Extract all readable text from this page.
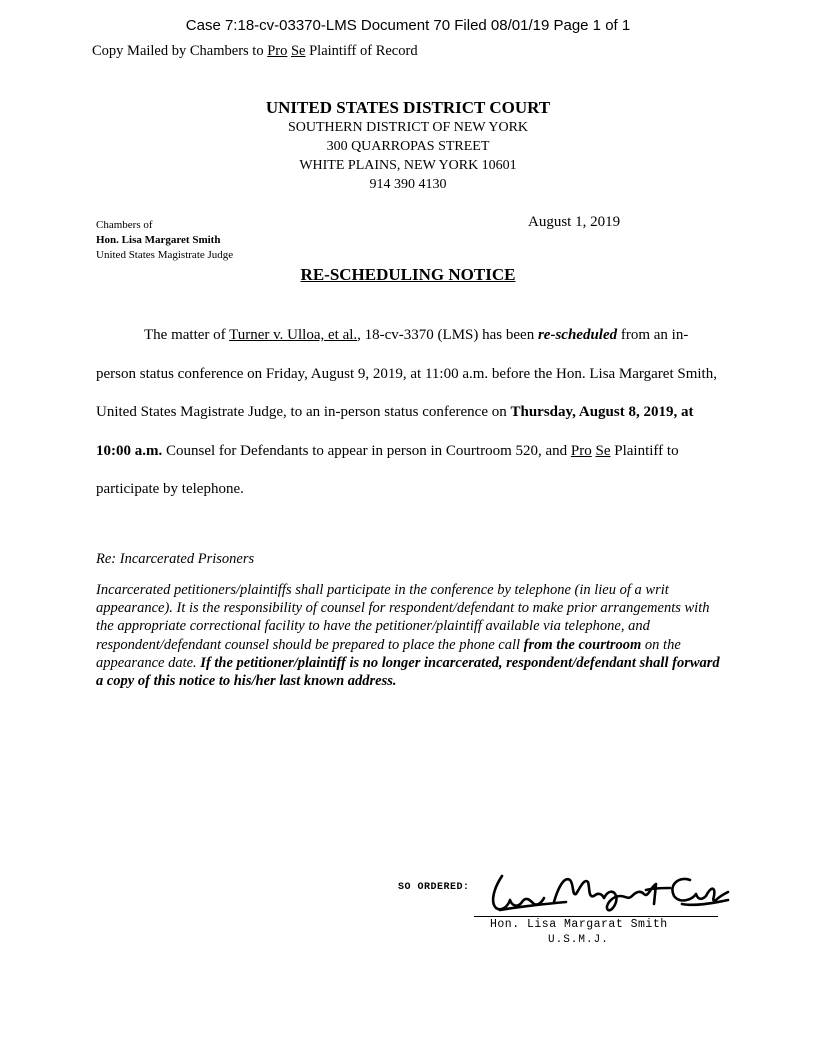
Case 7:18-cv-03370-LMS Document 70 Filed 08/01/19 Page 1 of 1
Copy Mailed by Chambers to Pro Se Plaintiff of Record
UNITED STATES DISTRICT COURT
SOUTHERN DISTRICT OF NEW YORK
300 QUARROPAS STREET
WHITE PLAINS, NEW YORK 10601
914 390 4130
Chambers of
Hon. Lisa Margaret Smith
United States Magistrate Judge
August 1, 2019
RE-SCHEDULING NOTICE
The matter of Turner v. Ulloa, et al., 18-cv-3370 (LMS) has been re-scheduled from an in-person status conference on Friday, August 9, 2019, at 11:00 a.m. before the Hon. Lisa Margaret Smith, United States Magistrate Judge, to an in-person status conference on Thursday, August 8, 2019, at 10:00 a.m. Counsel for Defendants to appear in person in Courtroom 520, and Pro Se Plaintiff to participate by telephone.
Re: Incarcerated Prisoners
Incarcerated petitioners/plaintiffs shall participate in the conference by telephone (in lieu of a writ appearance). It is the responsibility of counsel for respondent/defendant to make prior arrangements with the appropriate correctional facility to have the petitioner/plaintiff available via telephone, and respondent/defendant counsel should be prepared to place the phone call from the courtroom on the appearance date. If the petitioner/plaintiff is no longer incarcerated, respondent/defendant shall forward a copy of this notice to his/her last known address.
SO ORDERED:
Hon. Lisa Margarat Smith
U.S.M.J.
